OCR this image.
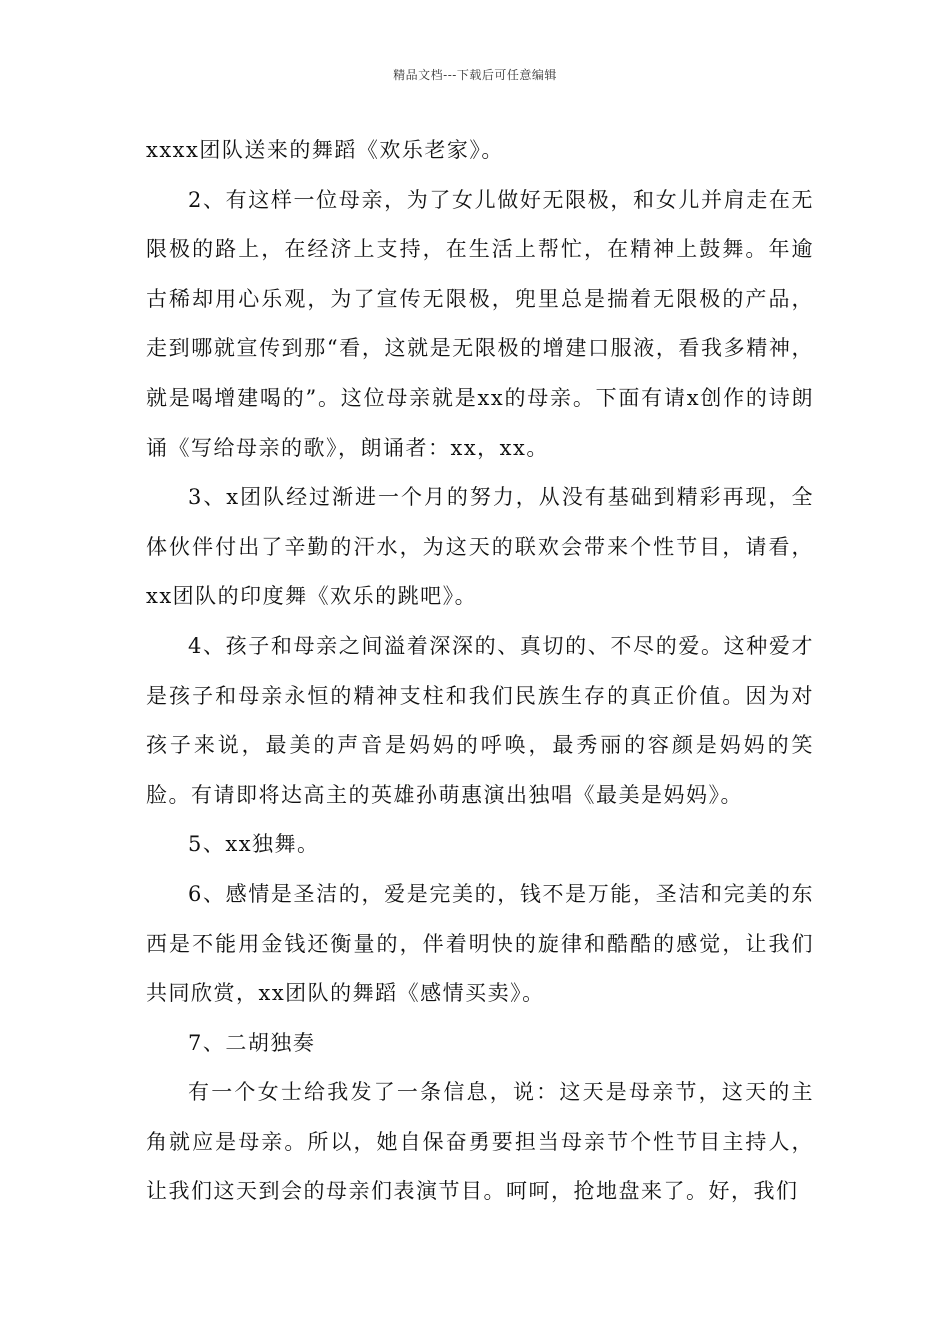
精品文档---下载后可任意编辑

xxxx团队送来的舞蹈《欢乐老家》。

2、有这样一位母亲，为了女儿做好无限极，和女儿并肩走在无限极的路上，在经济上支持，在生活上帮忙，在精神上鼓舞。年逾古稀却用心乐观，为了宣传无限极，兜里总是揣着无限极的产品，走到哪就宣传到那“看，这就是无限极的增建口服液，看我多精神，就是喝增建喝的”。这位母亲就是xx的母亲。下面有请x创作的诗朗诵《写给母亲的歌》，朗诵者：xx，xx。

3、x团队经过渐进一个月的努力，从没有基础到精彩再现，全体伙伴付出了辛勤的汗水，为这天的联欢会带来个性节目，请看，xx团队的印度舞《欢乐的跳吧》。

4、孩子和母亲之间溢着深深的、真切的、不尽的爱。这种爱才是孩子和母亲永恒的精神支柱和我们民族生存的真正价值。因为对孩子来说，最美的声音是妈妈的呼唤，最秀丽的容颜是妈妈的笑脸。有请即将达高主的英雄孙萌惠演出独唱《最美是妈妈》。

5、xx独舞。

6、感情是圣洁的，爱是完美的，钱不是万能，圣洁和完美的东西是不能用金钱还衡量的，伴着明快的旋律和酷酷的感觉，让我们共同欣赏，xx团队的舞蹈《感情买卖》。

7、二胡独奏

有一个女士给我发了一条信息，说：这天是母亲节，这天的主角就应是母亲。所以，她自保奋勇要担当母亲节个性节目主持人，让我们这天到会的母亲们表演节目。呵呵，抢地盘来了。好，我们
